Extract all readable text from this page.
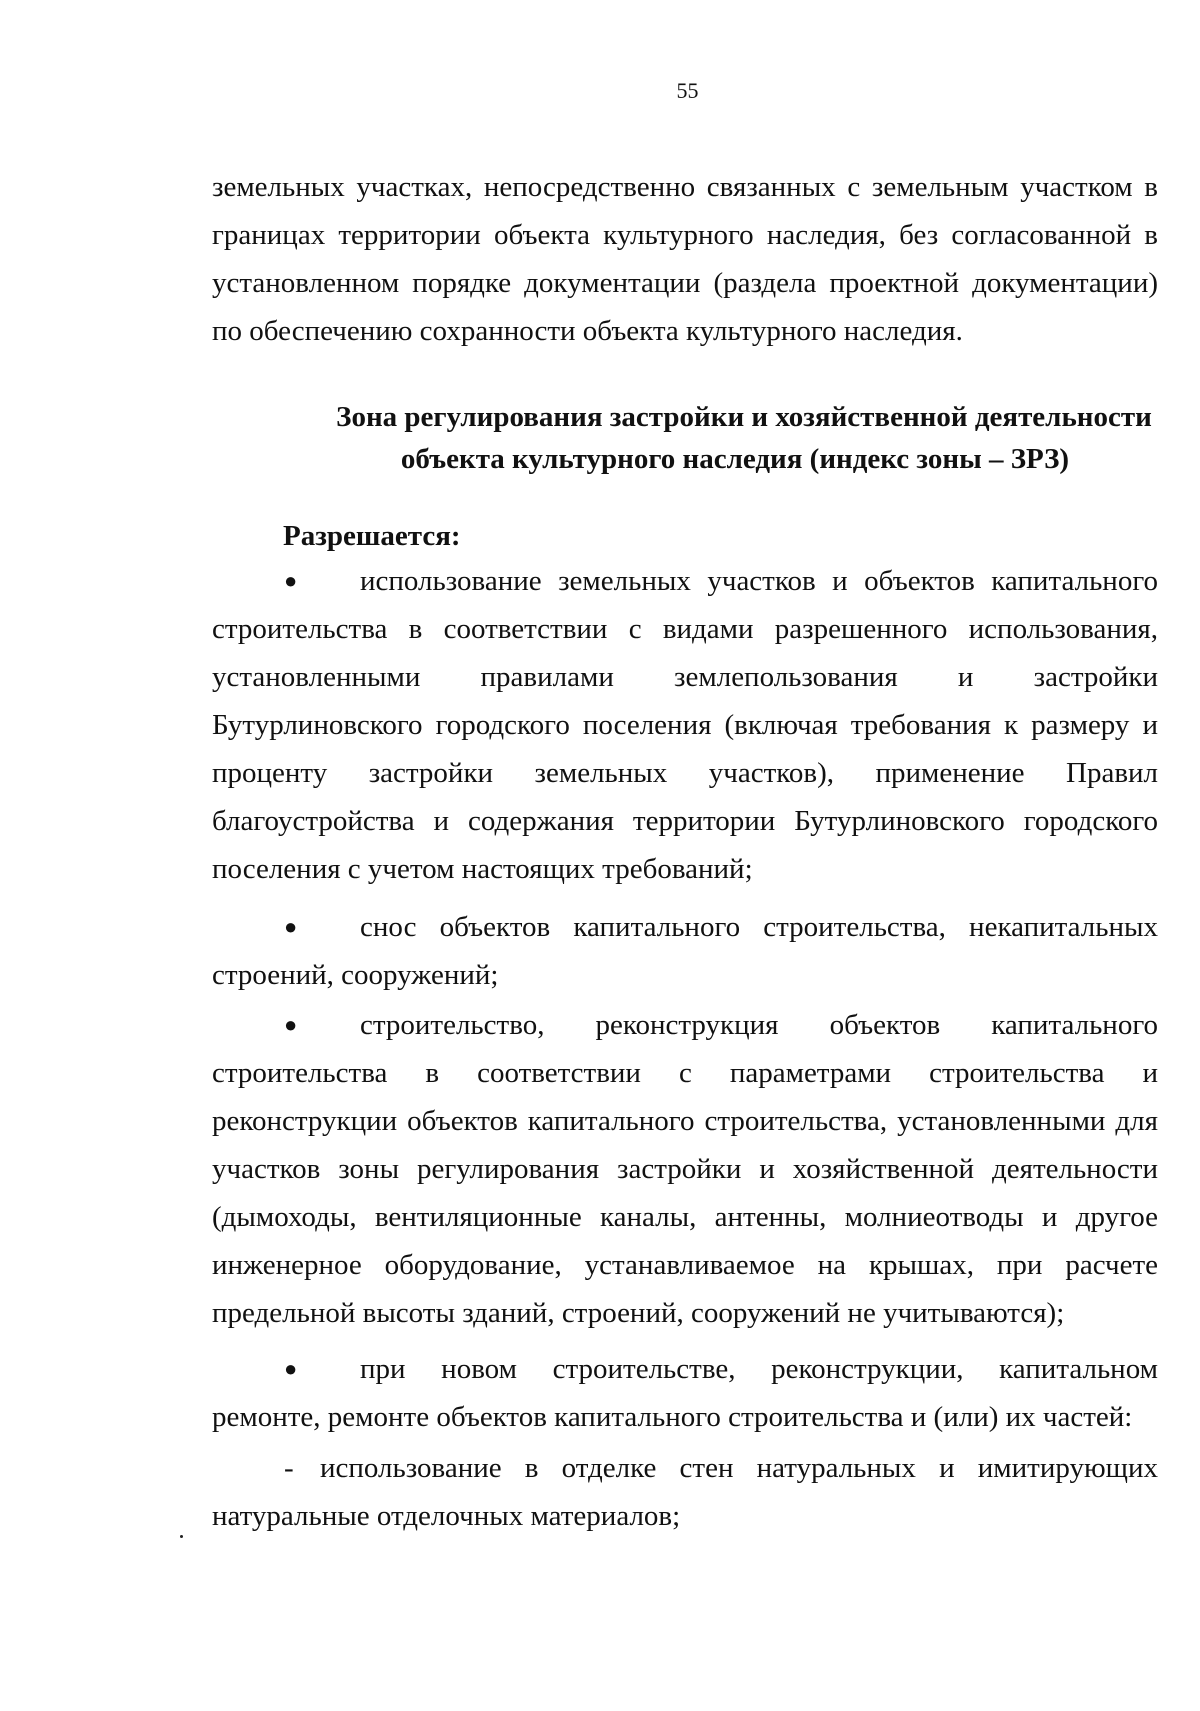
55
земельных участках, непосредственно связанных с земельным участком в границах территории объекта культурного наследия, без согласованной в установленном порядке документации (раздела проектной документации) по обеспечению сохранности объекта культурного наследия.
Зона регулирования застройки и хозяйственной деятельности
объекта культурного наследия (индекс зоны – ЗРЗ)
Разрешается:
● использование земельных участков и объектов капитального строительства в соответствии с видами разрешенного использования, установленными правилами землепользования и застройки Бутурлиновского городского поселения (включая требования к размеру и проценту застройки земельных участков), применение Правил благоустройства и содержания территории Бутурлиновского городского поселения с учетом настоящих требований;
● снос объектов капитального строительства, некапитальных строений, сооружений;
● строительство, реконструкция объектов капитального строительства в соответствии с параметрами строительства и реконструкции объектов капитального строительства, установленными для участков зоны регулирования застройки и хозяйственной деятельности (дымоходы, вентиляционные каналы, антенны, молниеотводы и другое инженерное оборудование, устанавливаемое на крышах, при расчете предельной высоты зданий, строений, сооружений не учитываются);
● при новом строительстве, реконструкции, капитальном ремонте, ремонте объектов капитального строительства и (или) их частей:
- использование в отделке стен натуральных и имитирующих натуральные отделочных материалов;
